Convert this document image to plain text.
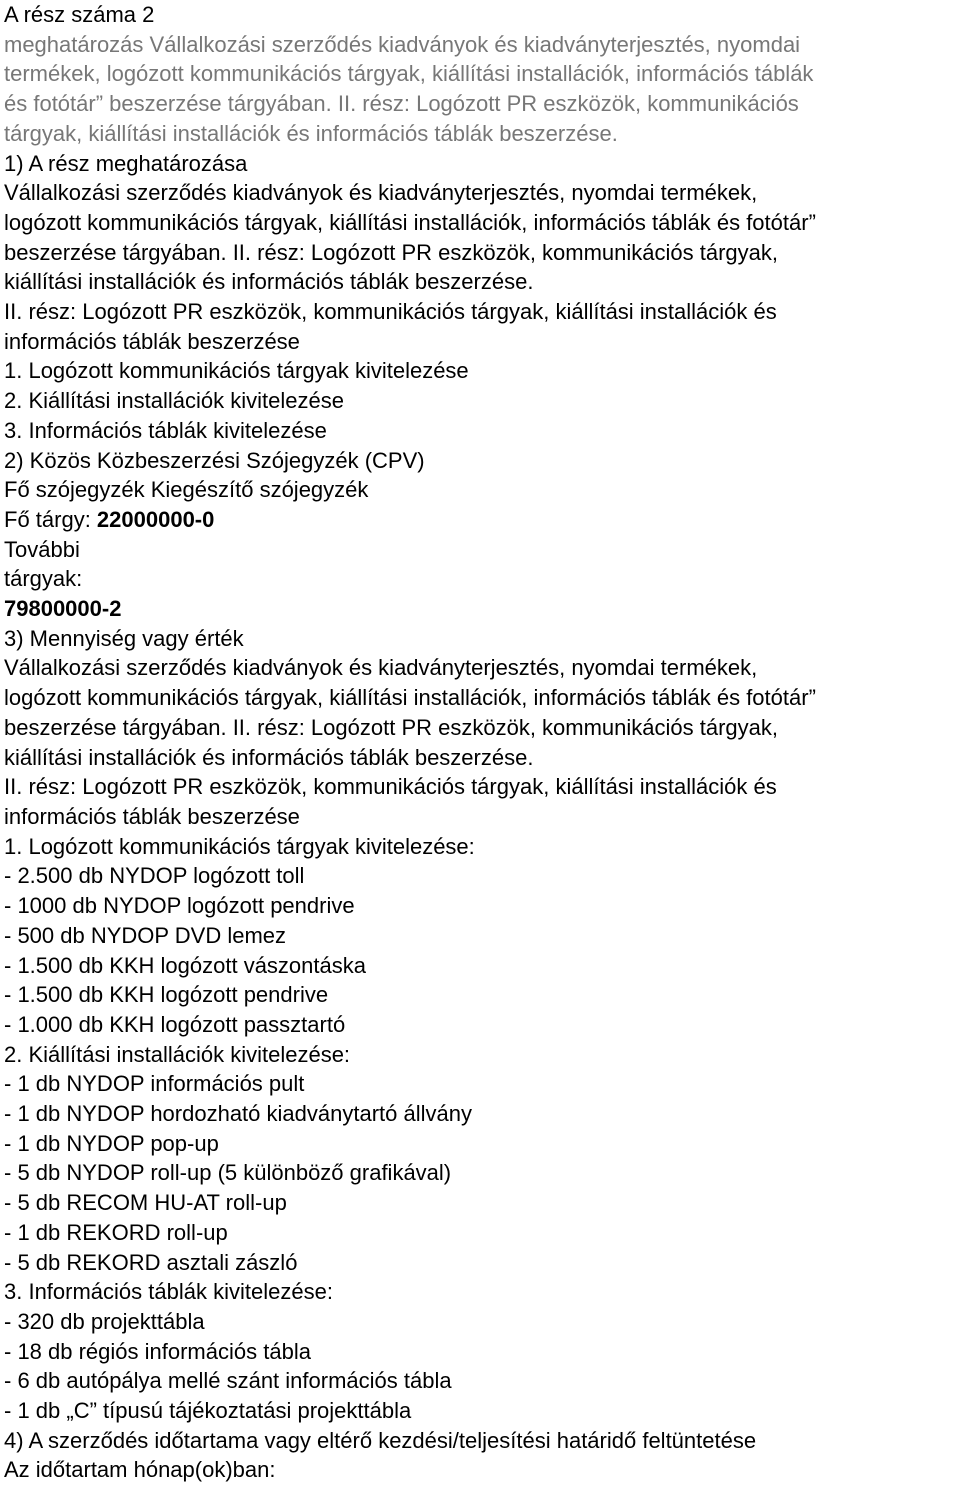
A rész száma 2
meghatározás Vállalkozási szerződés kiadványok és kiadványterjesztés, nyomdai
termékek, logózott kommunikációs tárgyak, kiállítási installációk, információs táblák
és fotótár” beszerzése tárgyában. II. rész: Logózott PR eszközök, kommunikációs
tárgyak, kiállítási installációk és információs táblák beszerzése.
1) A rész meghatározása
Vállalkozási szerződés kiadványok és kiadványterjesztés, nyomdai termékek,
logózott kommunikációs tárgyak, kiállítási installációk, információs táblák és fotótár”
beszerzése tárgyában. II. rész: Logózott PR eszközök, kommunikációs tárgyak,
kiállítási installációk és információs táblák beszerzése.
II. rész: Logózott PR eszközök, kommunikációs tárgyak, kiállítási installációk és
információs táblák beszerzése
1. Logózott kommunikációs tárgyak kivitelezése
2. Kiállítási installációk kivitelezése
3. Információs táblák kivitelezése
2) Közös Közbeszerzési Szójegyzék (CPV)
Fő szójegyzék Kiegészítő szójegyzék
Fő tárgy: 22000000-0
További
tárgyak:
79800000-2
3) Mennyiség vagy érték
Vállalkozási szerződés kiadványok és kiadványterjesztés, nyomdai termékek,
logózott kommunikációs tárgyak, kiállítási installációk, információs táblák és fotótár”
beszerzése tárgyában. II. rész: Logózott PR eszközök, kommunikációs tárgyak,
kiállítási installációk és információs táblák beszerzése.
II. rész: Logózott PR eszközök, kommunikációs tárgyak, kiállítási installációk és
információs táblák beszerzése
1. Logózott kommunikációs tárgyak kivitelezése:
- 2.500 db NYDOP logózott toll
- 1000 db NYDOP logózott pendrive
- 500 db NYDOP DVD lemez
- 1.500 db KKH logózott vászontáska
- 1.500 db KKH logózott pendrive
- 1.000 db KKH logózott passztartó
2. Kiállítási installációk kivitelezése:
- 1 db NYDOP információs pult
- 1 db NYDOP hordozható kiadványtartó állvány
- 1 db NYDOP pop-up
- 5 db NYDOP roll-up (5 különböző grafikával)
- 5 db RECOM HU-AT roll-up
- 1 db REKORD roll-up
- 5 db REKORD asztali zászló
3. Információs táblák kivitelezése:
- 320 db projekttábla
- 18 db régiós információs tábla
- 6 db autópálya mellé szánt információs tábla
- 1 db „C” típusú tájékoztatási projekttábla
4) A szerződés időtartama vagy eltérő kezdési/teljesítési határidő feltüntetése
Az időtartam hónap(ok)ban:
